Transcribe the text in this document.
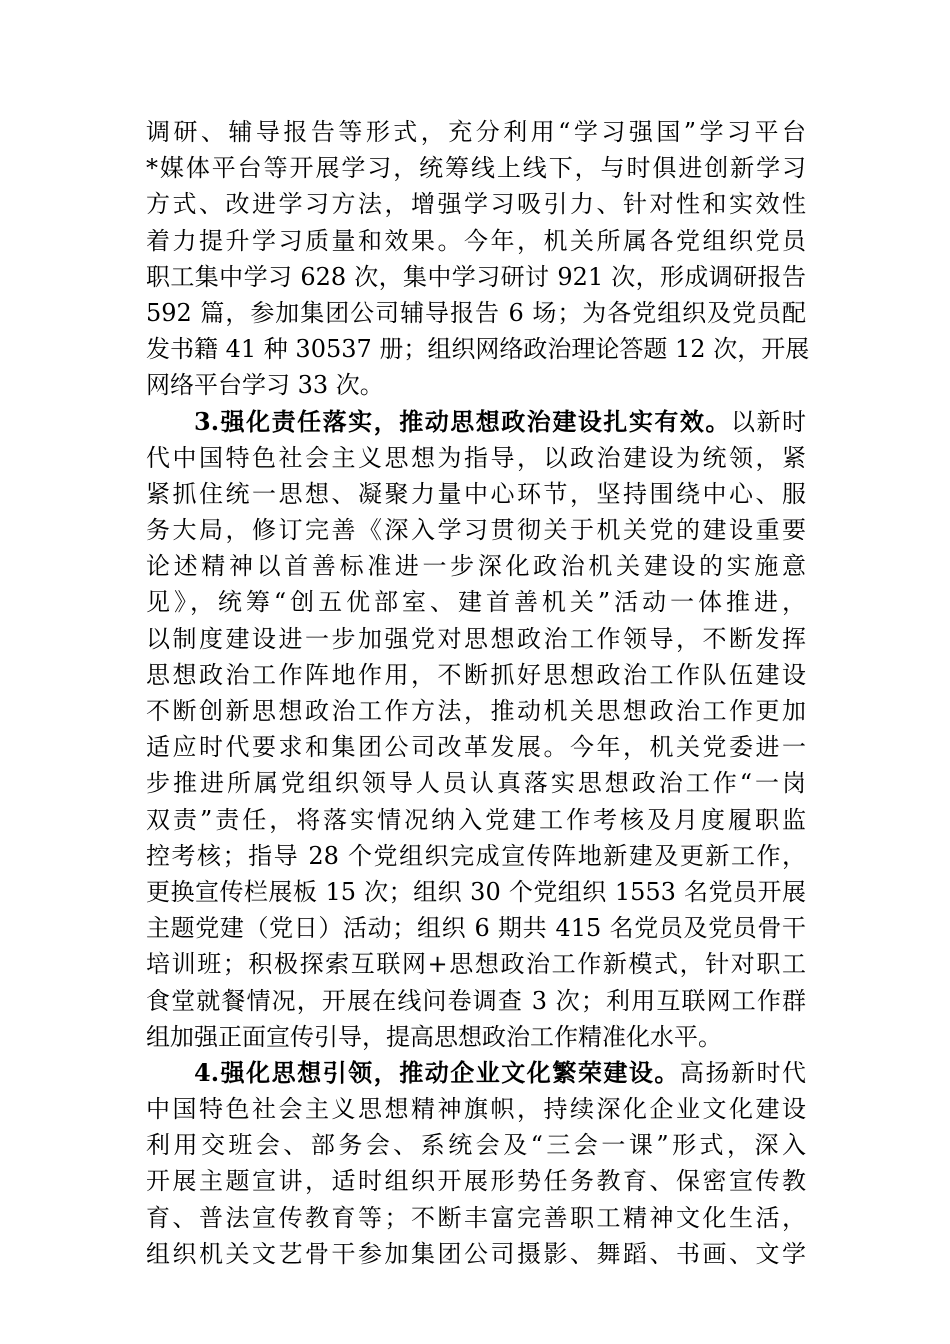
调研、辅导报告等形式，充分利用“学习强国”学习平台
*媒体平台等开展学习，统筹线上线下，与时俱进创新学习
方式、改进学习方法，增强学习吸引力、针对性和实效性
着力提升学习质量和效果。今年，机关所属各党组织党员
职工集中学习 628 次，集中学习研讨 921 次，形成调研报告
592 篇，参加集团公司辅导报告 6 场；为各党组织及党员配
发书籍 41 种 30537 册；组织网络政治理论答题 12 次，开展
网络平台学习 33 次。
3.强化责任落实，推动思想政治建设扎实有效。以新时
代中国特色社会主义思想为指导，以政治建设为统领，紧
紧抓住统一思想、凝聚力量中心环节，坚持围绕中心、服
务大局，修订完善《深入学习贯彻关于机关党的建设重要
论述精神以首善标准进一步深化政治机关建设的实施意
见》，统筹“创五优部室、建首善机关”活动一体推进，
以制度建设进一步加强党对思想政治工作领导，不断发挥
思想政治工作阵地作用，不断抓好思想政治工作队伍建设
不断创新思想政治工作方法，推动机关思想政治工作更加
适应时代要求和集团公司改革发展。今年，机关党委进一
步推进所属党组织领导人员认真落实思想政治工作“一岗
双责”责任，将落实情况纳入党建工作考核及月度履职监
控考核；指导 28 个党组织完成宣传阵地新建及更新工作，
更换宣传栏展板 15 次；组织 30 个党组织 1553 名党员开展
主题党建（党日）活动；组织 6 期共 415 名党员及党员骨干
培训班；积极探索互联网+思想政治工作新模式，针对职工
食堂就餐情况，开展在线问卷调查 3 次；利用互联网工作群
组加强正面宣传引导，提高思想政治工作精准化水平。
4.强化思想引领，推动企业文化繁荣建设。高扬新时代
中国特色社会主义思想精神旗帜，持续深化企业文化建设
利用交班会、部务会、系统会及“三会一课”形式，深入
开展主题宣讲，适时组织开展形势任务教育、保密宣传教
育、普法宣传教育等；不断丰富完善职工精神文化生活，
组织机关文艺骨干参加集团公司摄影、舞蹈、书画、文学
